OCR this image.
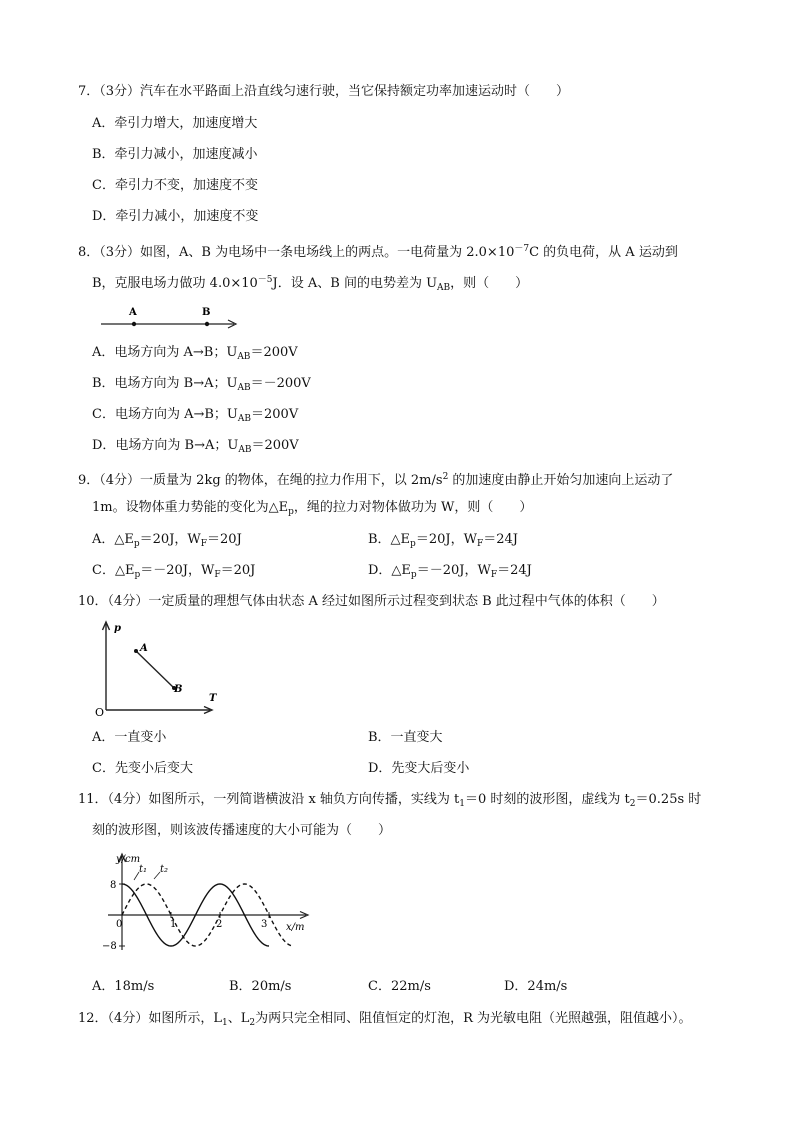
7．（3分）汽车在水平路面上沿直线匀速行驶，当它保持额定功率加速运动时（　　）
A．牵引力增大，加速度增大
B．牵引力减小，加速度减小
C．牵引力不变，加速度不变
D．牵引力减小，加速度不变
8．（3分）如图，A、B 为电场中一条电场线上的两点。一电荷量为 $2.0\times 10^{-7}C$ 的负电荷，从 A 运动到
B，克服电场力做功 $4.0\times 10^{-5}J$．设 A、B 间的电势差为 $U_{AB}$，则（　　）
A	B
A．电场方向为 A→B；$U_{AB}=200V$
B．电场方向为 B→A；$U_{AB}=-200V$
C．电场方向为 A→B；$U_{AB}=200V$
D．电场方向为 B→A；$U_{AB}=200V$
9．（4分）一质量为 2kg 的物体，在绳的拉力作用下，以 $2m/s^2$ 的加速度由静止开始匀加速向上运动了
1m。设物体重力势能的变化为$\triangle E_p$，绳的拉力对物体做功为 W，则（　　）
A．$\triangle E_p=20J$，$W_F=20J$	B．$\triangle E_p=20J$，$W_F=24J$
C．$\triangle E_p=-20J$，$W_F=20J$	D．$\triangle E_p=-20J$，$W_F=24J$
10．（4分）一定质量的理想气体由状态 A 经过如图所示过程变到状态 B 此过程中气体的体积（　　）
p
T
O
A
B
A．一直变小	B．一直变大
C．先变小后变大	D．先变大后变小
11．（4分）如图所示，一列简谐横波沿 x 轴负方向传播，实线为 $t_1=0$ 时刻的波形图，虚线为 $t_2=0.25s$ 时
刻的波形图，则该波传播速度的大小可能为（　　）
y/cm
x/m
t₁ t₂
8
−8
0	1	2	3
A．18m/s	B．20m/s	C．22m/s	D．24m/s
12．（4分）如图所示，$L_1$、$L_2$为两只完全相同、阻值恒定的灯泡，R 为光敏电阻（光照越强，阻值越小）。
